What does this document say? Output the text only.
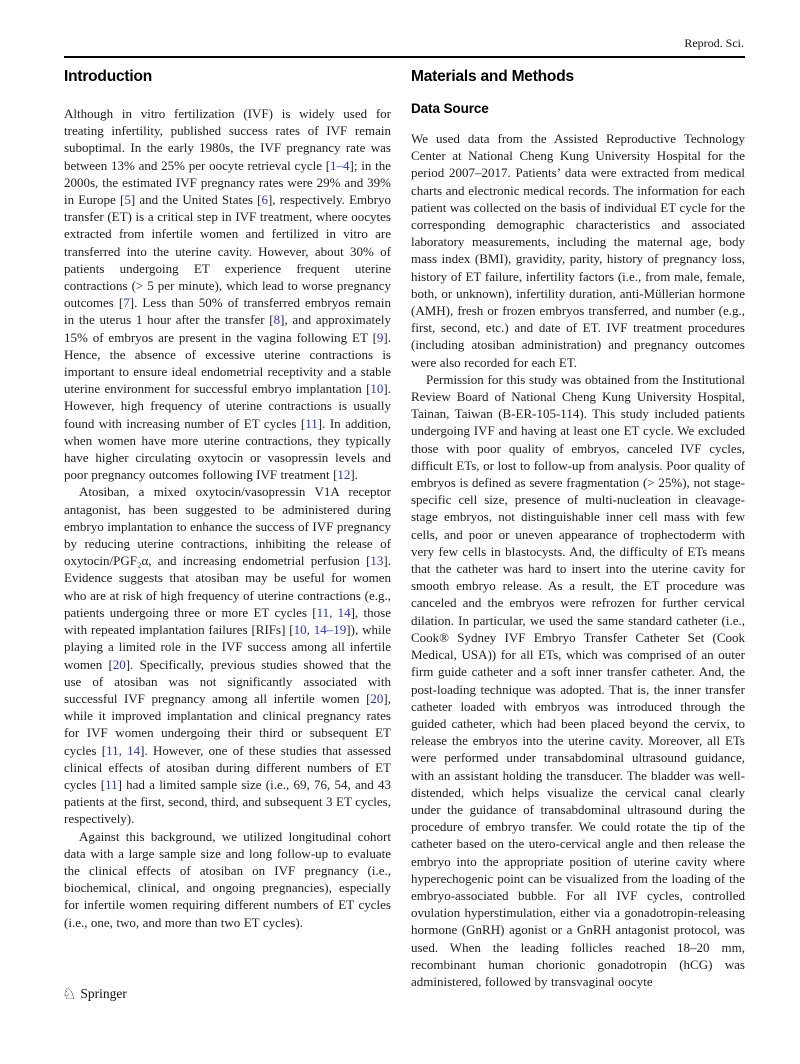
Reprod. Sci.
Introduction

Although in vitro fertilization (IVF) is widely used for treating infertility, published success rates of IVF remain suboptimal. In the early 1980s, the IVF pregnancy rate was between 13% and 25% per oocyte retrieval cycle [1–4]; in the 2000s, the estimated IVF pregnancy rates were 29% and 39% in Europe [5] and the United States [6], respectively. Embryo transfer (ET) is a critical step in IVF treatment, where oocytes extracted from infertile women and fertilized in vitro are transferred into the uterine cavity. However, about 30% of patients undergoing ET experience frequent uterine contractions (> 5 per minute), which lead to worse pregnancy outcomes [7]. Less than 50% of transferred embryos remain in the uterus 1 hour after the transfer [8], and approximately 15% of embryos are present in the vagina following ET [9]. Hence, the absence of excessive uterine contractions is important to ensure ideal endometrial receptivity and a stable uterine environment for successful embryo implantation [10]. However, high frequency of uterine contractions is usually found with increasing number of ET cycles [11]. In addition, when women have more uterine contractions, they typically have higher circulating oxytocin or vasopressin levels and poor pregnancy outcomes following IVF treatment [12].

Atosiban, a mixed oxytocin/vasopressin V1A receptor antagonist, has been suggested to be administered during embryo implantation to enhance the success of IVF pregnancy by reducing uterine contractions, inhibiting the release of oxytocin/PGF₂α, and increasing endometrial perfusion [13]. Evidence suggests that atosiban may be useful for women who are at risk of high frequency of uterine contractions (e.g., patients undergoing three or more ET cycles [11, 14], those with repeated implantation failures [RIFs] [10, 14–19]), while playing a limited role in the IVF success among all infertile women [20]. Specifically, previous studies showed that the use of atosiban was not significantly associated with successful IVF pregnancy among all infertile women [20], while it improved implantation and clinical pregnancy rates for IVF women undergoing their third or subsequent ET cycles [11, 14]. However, one of these studies that assessed clinical effects of atosiban during different numbers of ET cycles [11] had a limited sample size (i.e., 69, 76, 54, and 43 patients at the first, second, third, and subsequent 3 ET cycles, respectively).

Against this background, we utilized longitudinal cohort data with a large sample size and long follow-up to evaluate the clinical effects of atosiban on IVF pregnancy (i.e., biochemical, clinical, and ongoing pregnancies), especially for infertile women requiring different numbers of ET cycles (i.e., one, two, and more than two ET cycles).

Materials and Methods
Data Source

We used data from the Assisted Reproductive Technology Center at National Cheng Kung University Hospital for the period 2007–2017. Patients’ data were extracted from medical charts and electronic medical records. The information for each patient was collected on the basis of individual ET cycle for the corresponding demographic characteristics and associated laboratory measurements, including the maternal age, body mass index (BMI), gravidity, parity, history of pregnancy loss, history of ET failure, infertility factors (i.e., from male, female, both, or unknown), infertility duration, anti-Müllerian hormone (AMH), fresh or frozen embryos transferred, and number (e.g., first, second, etc.) and date of ET. IVF treatment procedures (including atosiban administration) and pregnancy outcomes were also recorded for each ET.

Permission for this study was obtained from the Institutional Review Board of National Cheng Kung University Hospital, Tainan, Taiwan (B-ER-105-114). This study included patients undergoing IVF and having at least one ET cycle. We excluded those with poor quality of embryos, canceled IVF cycles, difficult ETs, or lost to follow-up from analysis. Poor quality of embryos is defined as severe fragmentation (> 25%), not stage-specific cell size, presence of multi-nucleation in cleavage-stage embryos, not distinguishable inner cell mass with few cells, and poor or uneven appearance of trophectoderm with very few cells in blastocysts. And, the difficulty of ETs means that the catheter was hard to insert into the uterine cavity for smooth embryo release. As a result, the ET procedure was canceled and the embryos were refrozen for further cervical dilation. In particular, we used the same standard catheter (i.e., Cook® Sydney IVF Embryo Transfer Catheter Set (Cook Medical, USA)) for all ETs, which was comprised of an outer firm guide catheter and a soft inner transfer catheter. And, the post-loading technique was adopted. That is, the inner transfer catheter loaded with embryos was introduced through the guided catheter, which had been placed beyond the cervix, to release the embryos into the uterine cavity. Moreover, all ETs were performed under transabdominal ultrasound guidance, with an assistant holding the transducer. The bladder was well-distended, which helps visualize the cervical canal clearly under the guidance of transabdominal ultrasound during the procedure of embryo transfer. We could rotate the tip of the catheter based on the utero-cervical angle and then release the embryo into the appropriate position of uterine cavity where hyperechogenic point can be visualized from the loading of the embryo-associated bubble. For all IVF cycles, controlled ovulation hyperstimulation, either via a gonadotropin-releasing hormone (GnRH) agonist or a GnRH antagonist protocol, was used. When the leading follicles reached 18–20 mm, recombinant human chorionic gonadotropin (hCG) was administered, followed by transvaginal oocyte

♘ Springer
